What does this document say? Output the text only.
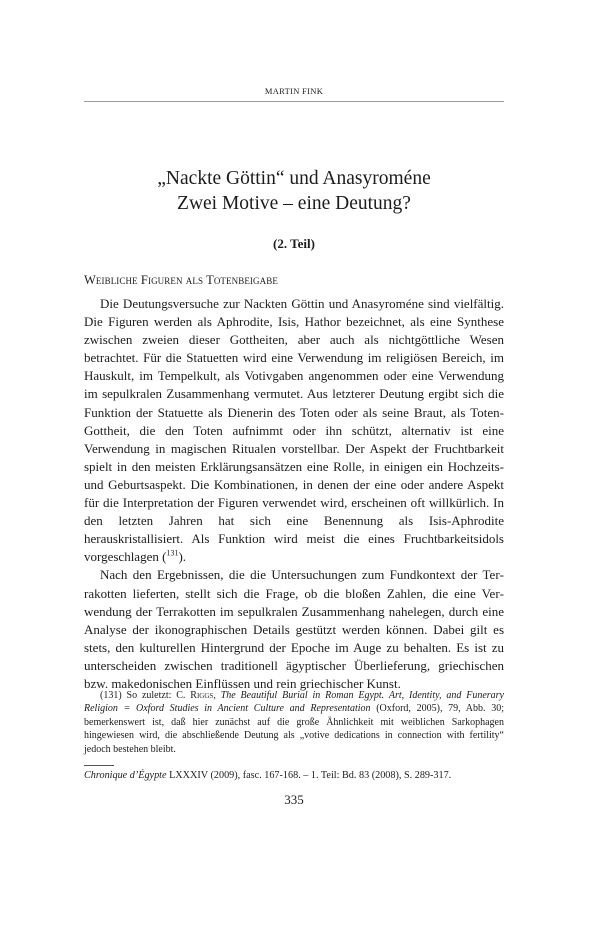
MARTIN FINK
„Nackte Göttin“ und Anasyroméne
Zwei Motive – eine Deutung?
(2. Teil)
Weibliche Figuren als Totenbeigabe

Die Deutungsversuche zur Nackten Göttin und Anasyroméne sind vielfältig. Die Figuren werden als Aphrodite, Isis, Hathor bezeichnet, als eine Synthese zwischen zweien dieser Gottheiten, aber auch als nichtgöttliche Wesen betrachtet. Für die Statuetten wird eine Verwendung im religiösen Bereich, im Hauskult, im Tempelkult, als Votivgaben angenommen oder eine Verwendung im sepulkralen Zusammenhang vermutet. Aus letzterer Deutung ergibt sich die Funktion der Statuette als Dienerin des Toten oder als seine Braut, als Toten-Gottheit, die den Toten aufnimmt oder ihn schützt, alternativ ist eine Verwendung in magischen Ritualen vorstellbar. Der Aspekt der Fruchtbarkeit spielt in den meisten Erklärungsansätzen eine Rolle, in einigen ein Hochzeits- und Geburtsaspekt. Die Kombinationen, in denen der eine oder andere Aspekt für die Interpretation der Figuren verwendet wird, erscheinen oft willkürlich. In den letzten Jahren hat sich eine Benennung als Isis-Aphrodite herauskristallisiert. Als Funktion wird meist die eines Fruchtbarkeitsidols vorgeschlagen ($^{131}$).

Nach den Ergebnissen, die die Untersuchungen zum Fundkontext der Terrakotten lieferten, stellt sich die Frage, ob die bloßen Zahlen, die eine Verwendung der Terrakotten im sepulkralen Zusammenhang nahelegen, durch eine Analyse der ikonographischen Details gestützt werden können. Dabei gilt es stets, den kulturellen Hintergrund der Epoche im Auge zu behalten. Es ist zu unterscheiden zwischen traditionell ägyptischer Überlieferung, griechischen bzw. makedonischen Einflüssen und rein griechischer Kunst.

(131) So zuletzt: C. Riggs, The Beautiful Burial in Roman Egypt. Art, Identity, and Funerary Religion = Oxford Studies in Ancient Culture and Representation (Oxford, 2005), 79, Abb. 30; bemerkenswert ist, daß hier zunächst auf die große Ähnlichkeit mit weiblichen Sarkophagen hingewiesen wird, die abschließende Deutung als „votive dedications in connection with fertility“ jedoch bestehen bleibt.
Chronique d’Égypte LXXXIV (2009), fasc. 167-168. – 1. Teil: Bd. 83 (2008), S. 289-317.
335
